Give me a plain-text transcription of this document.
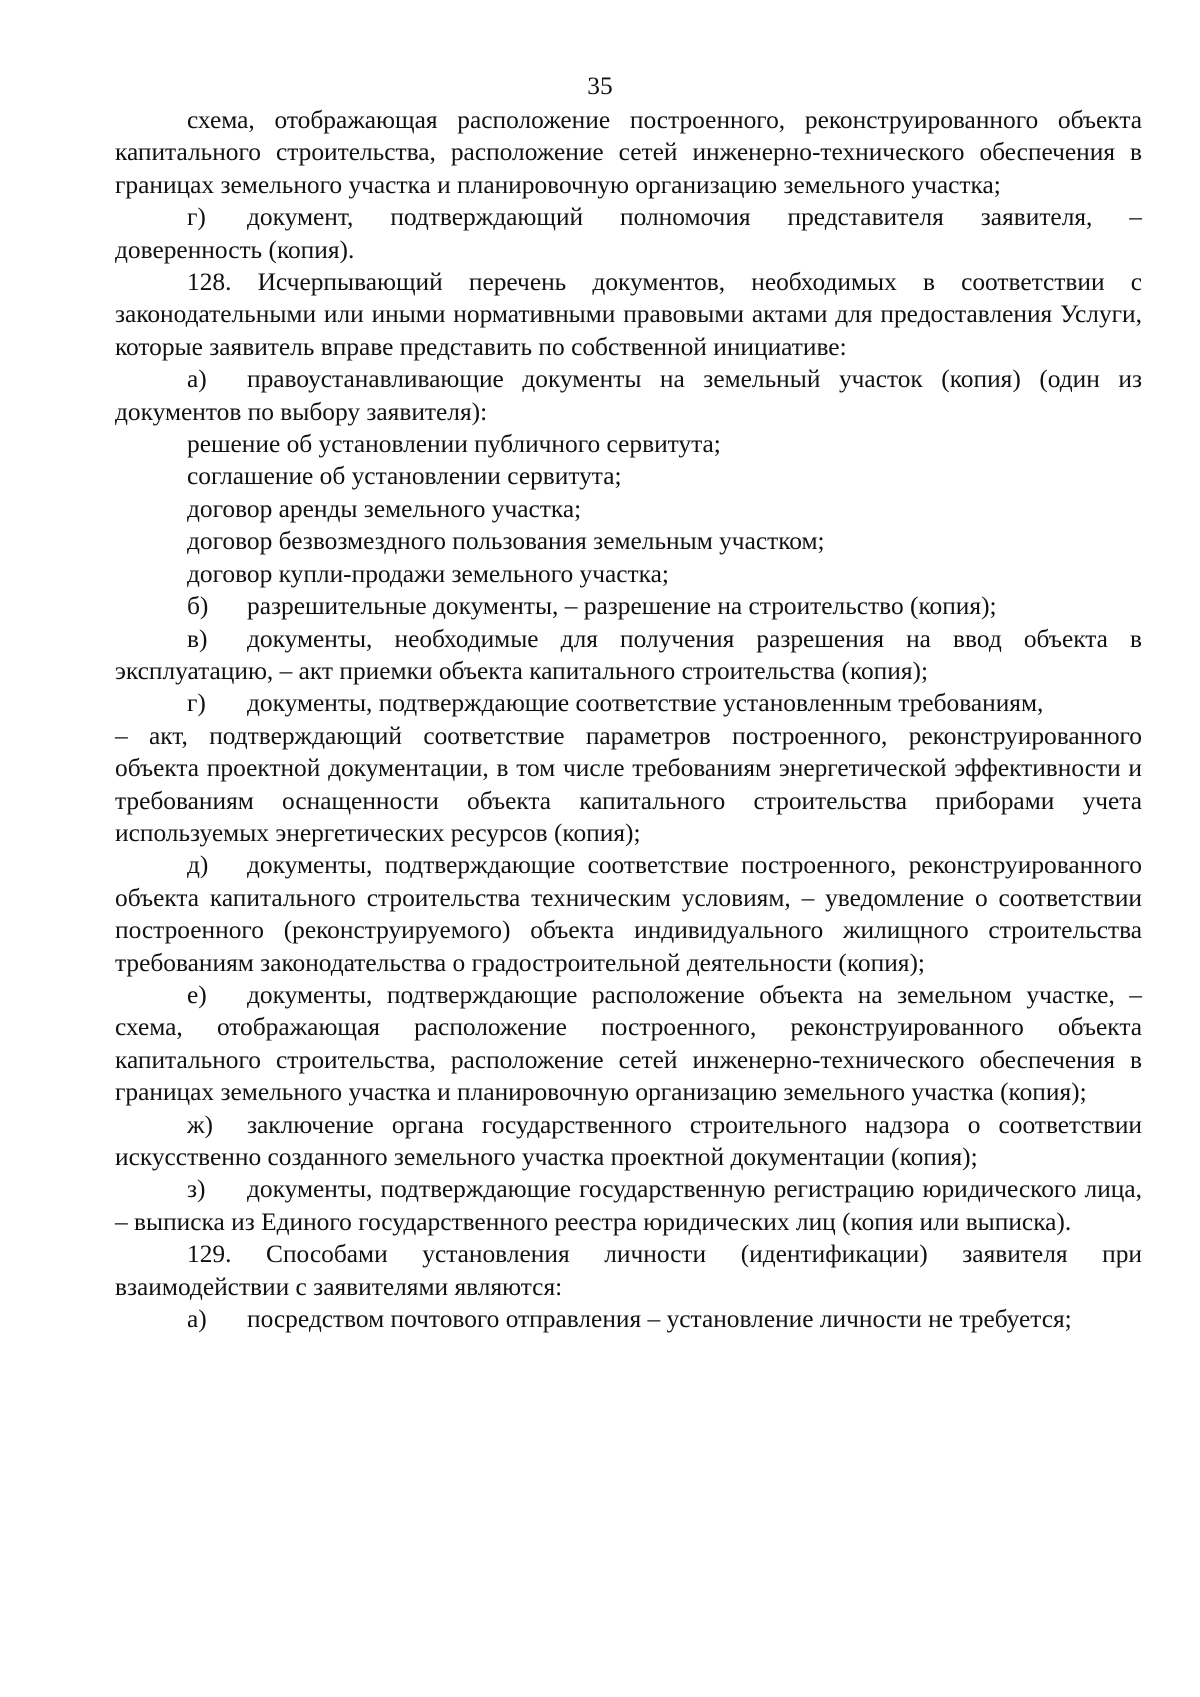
35

схема, отображающая расположение построенного, реконструированного объекта капитального строительства, расположение сетей инженерно-технического обеспечения в границах земельного участка и планировочную организацию земельного участка;

г) документ, подтверждающий полномочия представителя заявителя, – доверенность (копия).

128. Исчерпывающий перечень документов, необходимых в соответствии с законодательными или иными нормативными правовыми актами для предоставления Услуги, которые заявитель вправе представить по собственной инициативе:

а) правоустанавливающие документы на земельный участок (копия) (один из документов по выбору заявителя):

решение об установлении публичного сервитута;

соглашение об установлении сервитута;

договор аренды земельного участка;

договор безвозмездного пользования земельным участком;

договор купли-продажи земельного участка;

б) разрешительные документы, – разрешение на строительство (копия);

в) документы, необходимые для получения разрешения на ввод объекта в эксплуатацию, – акт приемки объекта капитального строительства (копия);

г) документы, подтверждающие соответствие установленным требованиям,

– акт, подтверждающий соответствие параметров построенного, реконструированного объекта проектной документации, в том числе требованиям энергетической эффективности и требованиям оснащенности объекта капитального строительства приборами учета используемых энергетических ресурсов (копия);

д) документы, подтверждающие соответствие построенного, реконструированного объекта капитального строительства техническим условиям, – уведомление о соответствии построенного (реконструируемого) объекта индивидуального жилищного строительства требованиям законодательства о градостроительной деятельности (копия);

е) документы, подтверждающие расположение объекта на земельном участке, – схема, отображающая расположение построенного, реконструированного объекта капитального строительства, расположение сетей инженерно-технического обеспечения в границах земельного участка и планировочную организацию земельного участка (копия);

ж) заключение органа государственного строительного надзора о соответствии искусственно созданного земельного участка проектной документации (копия);

з) документы, подтверждающие государственную регистрацию юридического лица, – выписка из Единого государственного реестра юридических лиц (копия или выписка).

129. Способами установления личности (идентификации) заявителя при взаимодействии с заявителями являются:

а) посредством почтового отправления – установление личности не требуется;
